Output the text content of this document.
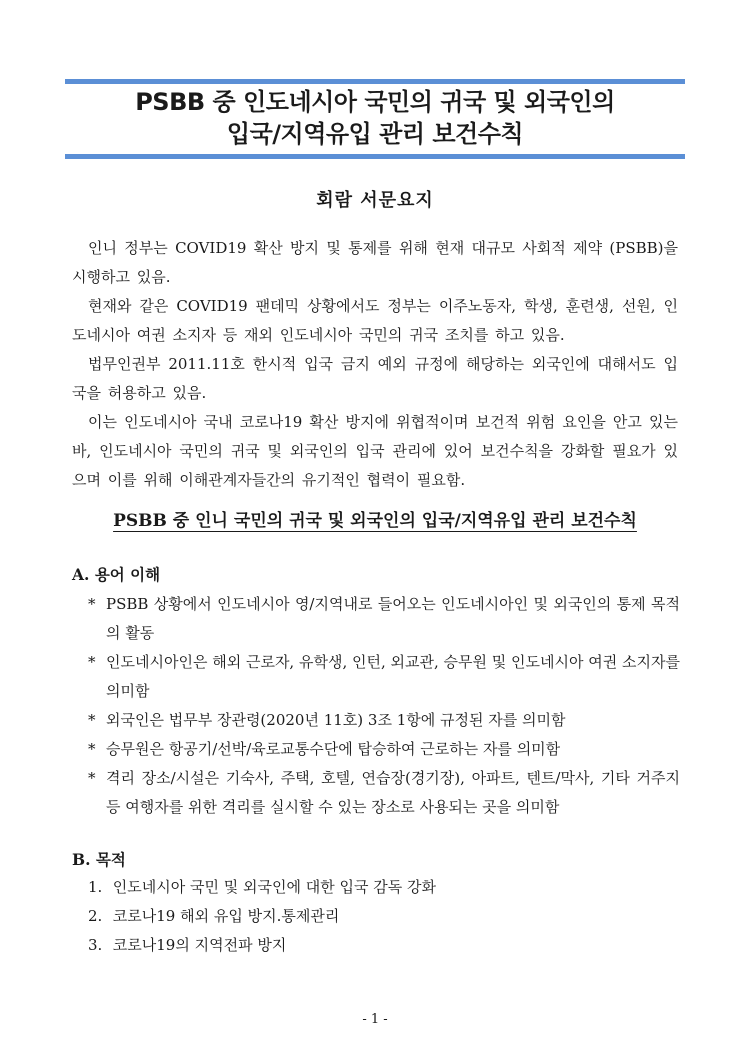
PSBB 중 인도네시아 국민의 귀국 및 외국인의
입국/지역유입 관리 보건수칙
회람 서문요지
인니 정부는 COVID19 확산 방지 및 통제를 위해 현재 대규모 사회적 제약 (PSBB)을 시행하고 있음.
현재와 같은 COVID19 팬데믹 상황에서도 정부는 이주노동자, 학생, 훈련생, 선원, 인도네시아 여권 소지자 등 재외 인도네시아 국민의 귀국 조치를 하고 있음.
법무인권부 2011.11호 한시적 입국 금지 예외 규정에 해당하는 외국인에 대해서도 입국을 허용하고 있음.
이는 인도네시아 국내 코로나19 확산 방지에 위협적이며 보건적 위험 요인을 안고 있는 바, 인도네시아 국민의 귀국 및 외국인의 입국 관리에 있어 보건수칙을 강화할 필요가 있으며 이를 위해 이해관계자들간의 유기적인 협력이 필요함.
PSBB 중 인니 국민의 귀국 및 외국인의 입국/지역유입 관리 보건수칙
A. 용어 이해
* PSBB 상황에서 인도네시아 영/지역내로 들어오는 인도네시아인 및 외국인의 통제 목적의 활동
* 인도네시아인은 해외 근로자, 유학생, 인턴, 외교관, 승무원 및 인도네시아 여권 소지자를 의미함
* 외국인은 법무부 장관령(2020년 11호) 3조 1항에 규정된 자를 의미함
* 승무원은 항공기/선박/육로교통수단에 탑승하여 근로하는 자를 의미함
* 격리 장소/시설은 기숙사, 주택, 호텔, 연습장(경기장), 아파트, 텐트/막사, 기타 거주지 등 여행자를 위한 격리를 실시할 수 있는 장소로 사용되는 곳을 의미함
B. 목적
1. 인도네시아 국민 및 외국인에 대한 입국 감독 강화
2. 코로나19 해외 유입 방지.통제관리
3. 코로나19의 지역전파 방지
- 1 -
